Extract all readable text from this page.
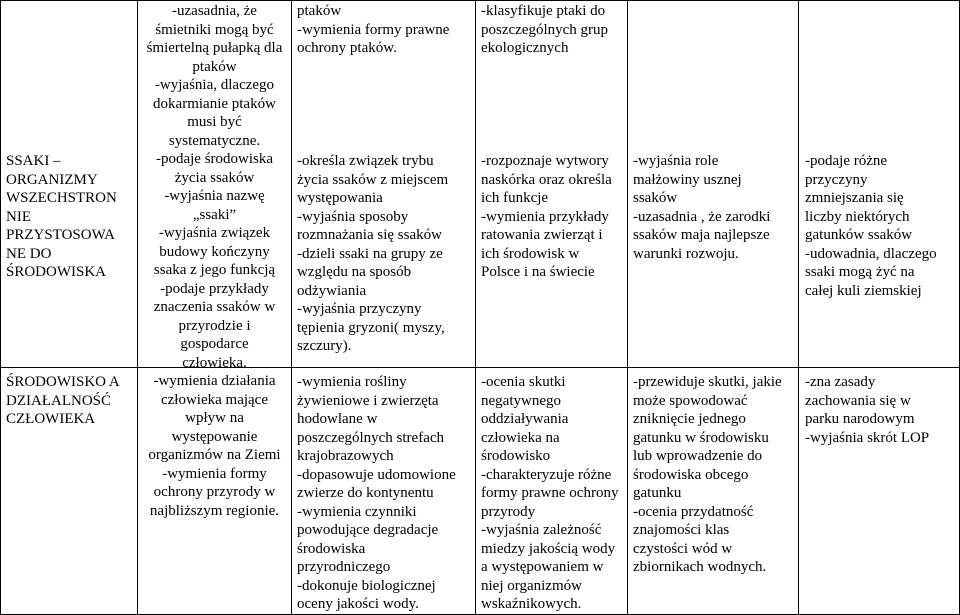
SSAKI –
ORGANIZMY
WSZECHSTRON
NIE
PRZYSTOSOWA
NE DO
ŚRODOWISKA
ŚRODOWISKO A
DZIAŁALNOŚĆ
CZŁOWIEKA
-uzasadnia, że
śmietniki mogą być
śmiertelną pułapką dla
ptaków
-wyjaśnia, dlaczego
dokarmianie ptaków
musi być
systematyczne.
-podaje środowiska
życia ssaków
-wyjaśnia nazwę
„ssaki”
-wyjaśnia związek
budowy kończyny
ssaka z jego funkcją
-podaje przykłady
znaczenia ssaków w
przyrodzie i
gospodarce
człowieka.
-wymienia działania
człowieka mające
wpływ na
występowanie
organizmów na Ziemi
-wymienia formy
ochrony przyrody w
najbliższym regionie.
ptaków
-wymienia formy prawne
ochrony ptaków.
-określa związek trybu
życia ssaków z miejscem
występowania
-wyjaśnia sposoby
rozmnażania się ssaków
-dzieli ssaki na grupy ze
względu na sposób
odżywiania
-wyjaśnia przyczyny
tępienia gryzoni( myszy,
szczury).
-wymienia rośliny
żywieniowe i zwierzęta
hodowlane w
poszczególnych strefach
krajobrazowych
-dopasowuje udomowione
zwierze do kontynentu
-wymienia czynniki
powodujące degradacje
środowiska
przyrodniczego
-dokonuje biologicznej
oceny jakości wody.
-klasyfikuje ptaki do
poszczególnych grup
ekologicznych
-rozpoznaje wytwory
naskórka oraz określa
ich funkcje
-wymienia przykłady
ratowania zwierząt i
ich środowisk w
Polsce i na świecie
-ocenia skutki
negatywnego
oddziaływania
człowieka na
środowisko
-charakteryzuje różne
formy prawne ochrony
przyrody
-wyjaśnia zależność
miedzy jakością wody
a występowaniem w
niej organizmów
wskaźnikowych.
-wyjaśnia role
małżowiny usznej
ssaków
-uzasadnia , że zarodki
ssaków maja najlepsze
warunki rozwoju.
-przewiduje skutki, jakie
może spowodować
zniknięcie jednego
gatunku w środowisku
lub wprowadzenie do
środowiska obcego
gatunku
-ocenia przydatność
znajomości klas
czystości wód w
zbiornikach wodnych.
-podaje różne
przyczyny
zmniejszania się
liczby niektórych
gatunków ssaków
-udowadnia, dlaczego
ssaki mogą żyć na
całej kuli ziemskiej
-zna zasady
zachowania się w
parku narodowym
-wyjaśnia skrót LOP
